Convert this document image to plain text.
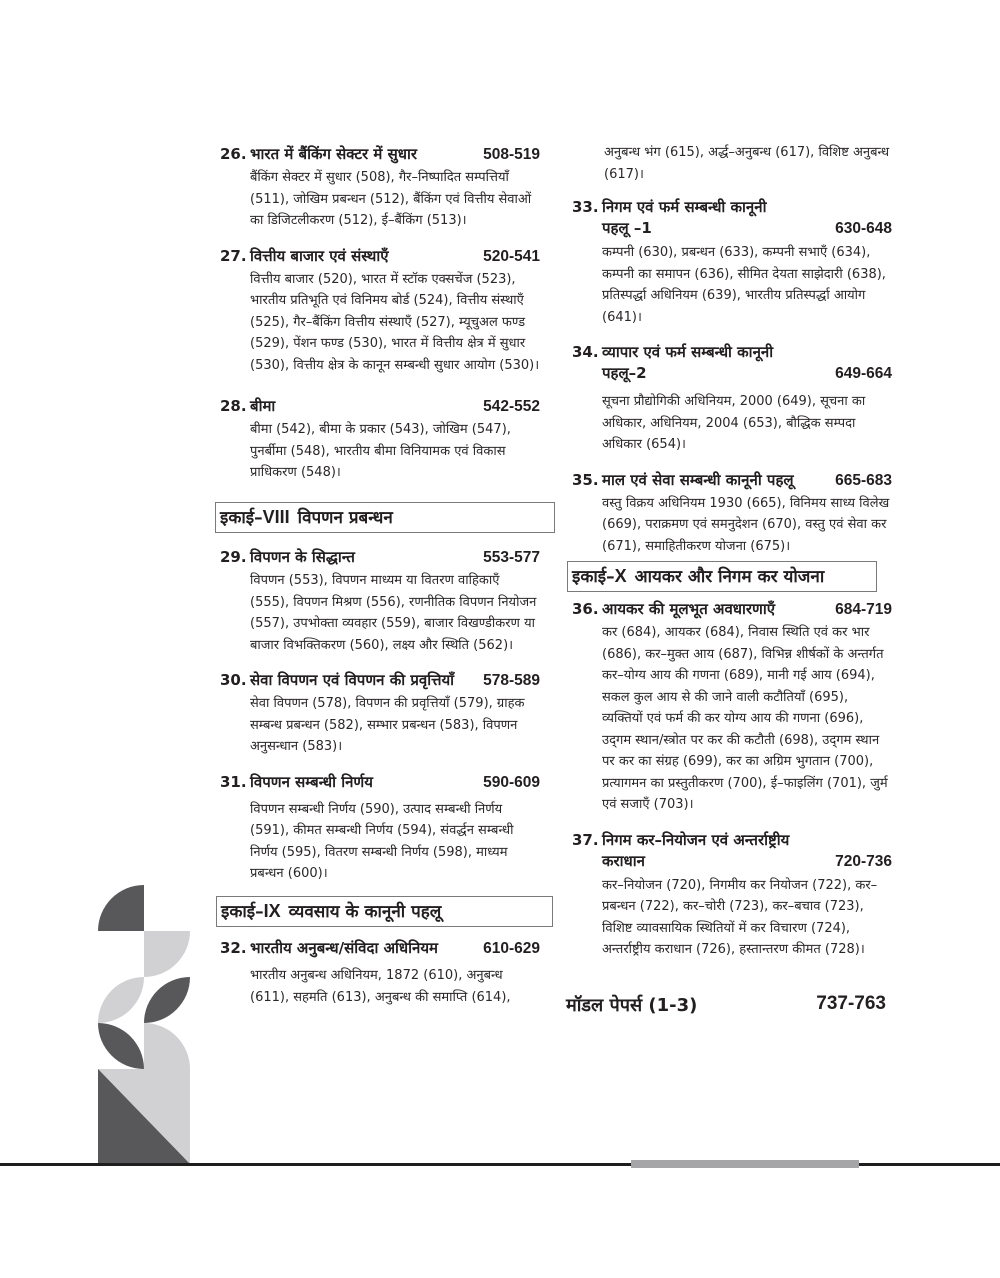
26. भारत में बैंकिंग सेक्टर में सुधार	508-519
बैंकिंग सेक्टर में सुधार (508), गैर–निष्पादित सम्पत्तियाँ (511), जोखिम प्रबन्धन (512), बैंकिंग एवं वित्तीय सेवाओं का डिजिटलीकरण (512), ई–बैंकिंग (513)।
27. वित्तीय बाजार एवं संस्थाएँ	520-541
वित्तीय बाजार (520), भारत में स्टॉक एक्सचेंज (523), भारतीय प्रतिभूति एवं विनिमय बोर्ड (524), वित्तीय संस्थाएँ (525), गैर–बैंकिंग वित्तीय संस्थाएँ (527), म्यूचुअल फण्ड (529), पेंशन फण्ड (530), भारत में वित्तीय क्षेत्र में सुधार (530), वित्तीय क्षेत्र के कानून सम्बन्धी सुधार आयोग (530)।
28. बीमा	542-552
बीमा (542), बीमा के प्रकार (543), जोखिम (547), पुनर्बीमा (548), भारतीय बीमा विनियामक एवं विकास प्राधिकरण (548)।
इकाई–VIII विपणन प्रबन्धन
29. विपणन के सिद्धान्त	553-577
विपणन (553), विपणन माध्यम या वितरण वाहिकाएँ (555), विपणन मिश्रण (556), रणनीतिक विपणन नियोजन (557), उपभोक्ता व्यवहार (559), बाजार विखण्डीकरण या बाजार विभक्तिकरण (560), लक्ष्य और स्थिति (562)।
30. सेवा विपणन एवं विपणन की प्रवृत्तियाँ	578-589
सेवा विपणन (578), विपणन की प्रवृत्तियाँ (579), ग्राहक सम्बन्ध प्रबन्धन (582), सम्भार प्रबन्धन (583), विपणन अनुसन्धान (583)।
31. विपणन सम्बन्धी निर्णय	590-609
विपणन सम्बन्धी निर्णय (590), उत्पाद सम्बन्धी निर्णय (591), कीमत सम्बन्धी निर्णय (594), संवर्द्धन सम्बन्धी निर्णय (595), वितरण सम्बन्धी निर्णय (598), माध्यम प्रबन्धन (600)।
इकाई–IX व्यवसाय के कानूनी पहलू
32. भारतीय अनुबन्ध/संविदा अधिनियम	610-629
भारतीय अनुबन्ध अधिनियम, 1872 (610), अनुबन्ध (611), सहमति (613), अनुबन्ध की समाप्ति (614),
अनुबन्ध भंग (615), अर्द्ध–अनुबन्ध (617), विशिष्ट अनुबन्ध (617)।
33. निगम एवं फर्म सम्बन्धी कानूनी
पहलू –1	630-648
कम्पनी (630), प्रबन्धन (633), कम्पनी सभाएँ (634), कम्पनी का समापन (636), सीमित देयता साझेदारी (638), प्रतिस्पर्द्धा अधिनियम (639), भारतीय प्रतिस्पर्द्धा आयोग (641)।
34. व्यापार एवं फर्म सम्बन्धी कानूनी
पहलू–2	649-664
सूचना प्रौद्योगिकी अधिनियम, 2000 (649), सूचना का अधिकार, अधिनियम, 2004 (653), बौद्धिक सम्पदा अधिकार (654)।
35. माल एवं सेवा सम्बन्धी कानूनी पहलू	665-683
वस्तु विक्रय अधिनियम 1930 (665), विनिमय साध्य विलेख (669), पराक्रमण एवं समनुदेशन (670), वस्तु एवं सेवा कर (671), समाहितीकरण योजना (675)।
इकाई–X आयकर और निगम कर योजना
36. आयकर की मूलभूत अवधारणाएँ	684-719
कर (684), आयकर (684), निवास स्थिति एवं कर भार (686), कर–मुक्त आय (687), विभिन्न शीर्षकों के अन्तर्गत कर–योग्य आय की गणना (689), मानी गई आय (694), सकल कुल आय से की जाने वाली कटौतियाँ (695), व्यक्तियों एवं फर्म की कर योग्य आय की गणना (696), उद्‌गम स्थान/स्त्रोत पर कर की कटौती (698), उद्‌गम स्थान पर कर का संग्रह (699), कर का अग्रिम भुगतान (700), प्रत्यागमन का प्रस्तुतीकरण (700), ई–फाइलिंग (701), जुर्म एवं सजाएँ (703)।
37. निगम कर–नियोजन एवं अन्तर्राष्ट्रीय
कराधान	720-736
कर–नियोजन (720), निगमीय कर नियोजन (722), कर–प्रबन्धन (722), कर–चोरी (723), कर–बचाव (723), विशिष्ट व्यावसायिक स्थितियों में कर विचारण (724), अन्तर्राष्ट्रीय कराधान (726), हस्तान्तरण कीमत (728)।
मॉडल पेपर्स (1-3)	737-763
